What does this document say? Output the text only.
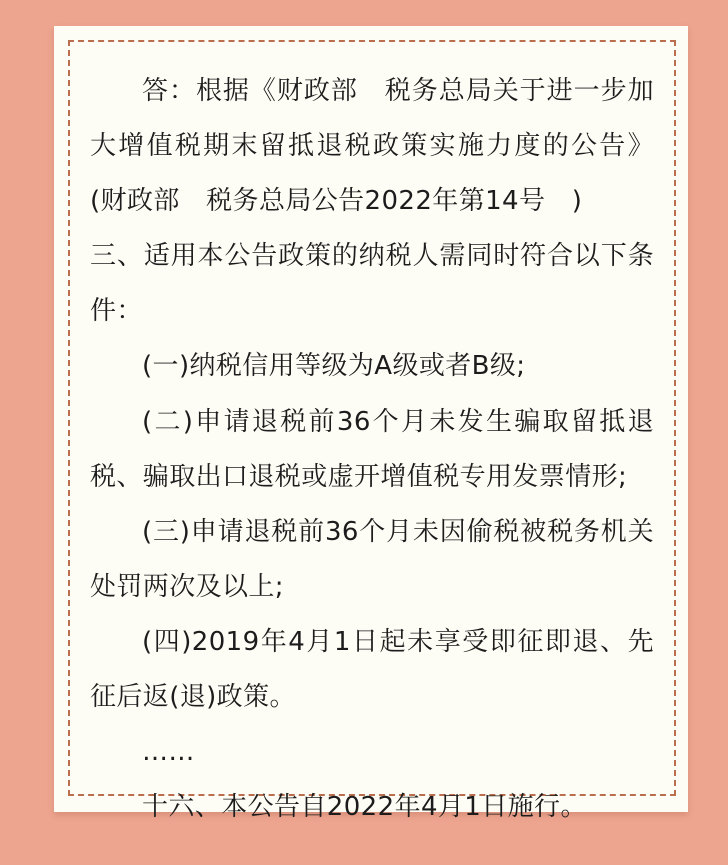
答：根据《财政部　税务总局关于进一步加大增值税期末留抵退税政策实施力度的公告》(财政部　税务总局公告2022年第14号　)

三、适用本公告政策的纳税人需同时符合以下条件：

(一)纳税信用等级为A级或者B级;

(二)申请退税前36个月未发生骗取留抵退税、骗取出口退税或虚开增值税专用发票情形;

(三)申请退税前36个月未因偷税被税务机关处罚两次及以上;

(四)2019年4月1日起未享受即征即退、先征后返(退)政策。

……

十六、本公告自2022年4月1日施行。
